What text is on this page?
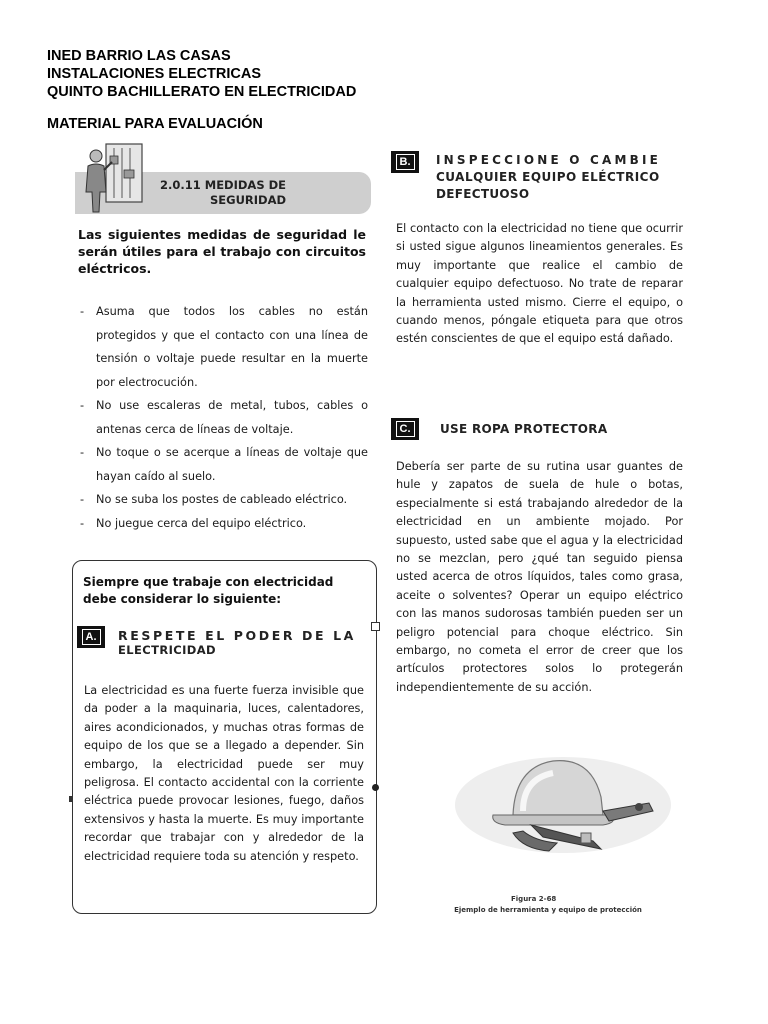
INED BARRIO LAS CASAS
INSTALACIONES ELECTRICAS
QUINTO BACHILLERATO EN ELECTRICIDAD
MATERIAL PARA EVALUACIÓN
2.0.11 MEDIDAS DE
SEGURIDAD
Las siguientes medidas de seguridad le serán útiles para el trabajo con circuitos eléctricos.
- Asuma que todos los cables no están protegidos y que el contacto con una línea de tensión o voltaje puede resultar en la muerte por electrocución.
- No use escaleras de metal, tubos, cables o antenas cerca de líneas de voltaje.
- No toque o se acerque a líneas de voltaje que hayan caído al suelo.
- No se suba los postes de cableado eléctrico.
- No juegue cerca del equipo eléctrico.
Siempre que trabaje con electricidad debe considerar lo siguiente:
A.	RESPETE EL PODER DE LA
ELECTRICIDAD
La electricidad es una fuerte fuerza invisible que da poder a la maquinaria, luces, calentadores, aires acondicionados, y muchas otras formas de equipo de los que se a llegado a depender. Sin embargo, la electricidad puede ser muy peligrosa. El contacto accidental con la corriente eléctrica puede provocar lesiones, fuego, daños extensivos y hasta la muerte. Es muy importante recordar que trabajar con y alrededor de la electricidad requiere toda su atención y respeto.
B.	INSPECCIONE O CAMBIE
CUALQUIER EQUIPO ELÉCTRICO
DEFECTUOSO
El contacto con la electricidad no tiene que ocurrir si usted sigue algunos lineamientos generales. Es muy importante que realice el cambio de cualquier equipo defectuoso. No trate de reparar la herramienta usted mismo. Cierre el equipo, o cuando menos, póngale etiqueta para que otros estén conscientes de que el equipo está dañado.
C.	USE ROPA PROTECTORA
Debería ser parte de su rutina usar guantes de hule y zapatos de suela de hule o botas, especialmente si está trabajando alrededor de la electricidad en un ambiente mojado. Por supuesto, usted sabe que el agua y la electricidad no se mezclan, pero ¿qué tan seguido piensa usted acerca de otros líquidos, tales como grasa, aceite o solventes? Operar un equipo eléctrico con las manos sudorosas también pueden ser un peligro potencial para choque eléctrico. Sin embargo, no cometa el error de creer que los artículos protectores solos lo protegerán independientemente de su acción.
Figura 2-68
Ejemplo de herramienta y equipo de protección
